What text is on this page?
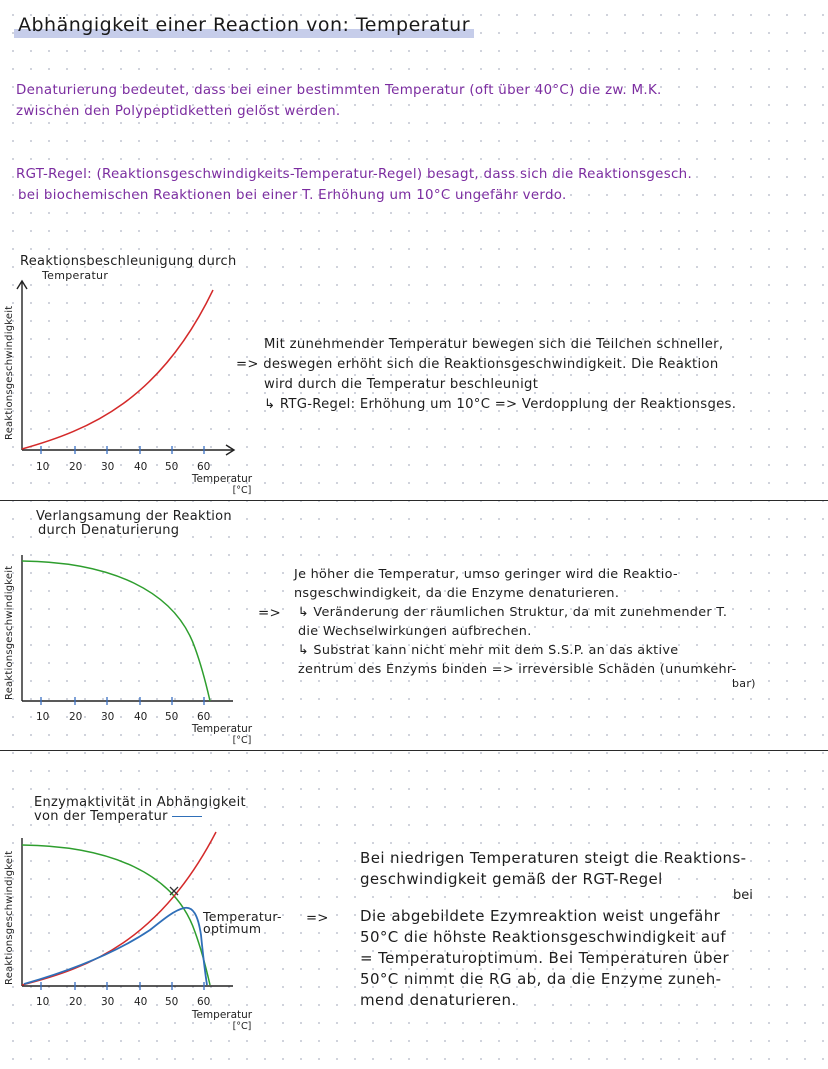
Abhängigkeit einer Reaction von: Temperatur
Denaturierung bedeutet, dass bei einer bestimmten Temperatur (oft über 40°C) die zw. M.K.
zwischen den Polypeptidketten gelöst werden.
RGT-Regel: (Reaktionsgeschwindigkeits-Temperatur-Regel) besagt, dass sich die Reaktionsgesch.
bei biochemischen Reaktionen bei einer T. Erhöhung um 10°C ungefähr verdo.
Reaktionsbeschleunigung durch
Temperatur
Reaktionsgeschwindigkeit
10 20 30 40 50 60
Temperatur
[°C]
Mit zunehmender Temperatur bewegen sich die Teilchen schneller,
=> deswegen erhöht sich die Reaktionsgeschwindigkeit. Die Reaktion
wird durch die Temperatur beschleunigt
↳ RTG-Regel: Erhöhung um 10°C => Verdopplung der Reaktionsges.
Verlangsamung der Reaktion
durch Denaturierung
Reaktionsgeschwindigkeit
10 20 30 40 50 60
Temperatur
[°C]
=>
Je höher die Temperatur, umso geringer wird die Reaktio-
nsgeschwindigkeit, da die Enzyme denaturieren.
↳ Veränderung der räumlichen Struktur, da mit zunehmender T.
die Wechselwirkungen aufbrechen.
↳ Substrat kann nicht mehr mit dem S.S.P. an das aktive
zentrum des Enzyms binden => irreversible Schäden (unumkehr-
bar)
Enzymaktivität in Abhängigkeit
von der Temperatur
Reaktionsgeschwindigkeit
10 20 30 40 50 60
Temperatur
[°C]
Temperatur-
optimum
=>
Bei niedrigen Temperaturen steigt die Reaktions-
geschwindigkeit gemäß der RGT-Regel
bei
Die abgebildete Ezymreaktion weist ungefähr
50°C die höhste Reaktionsgeschwindigkeit auf
= Temperaturoptimum. Bei Temperaturen über
50°C nimmt die RG ab, da die Enzyme zuneh-
mend denaturieren.
